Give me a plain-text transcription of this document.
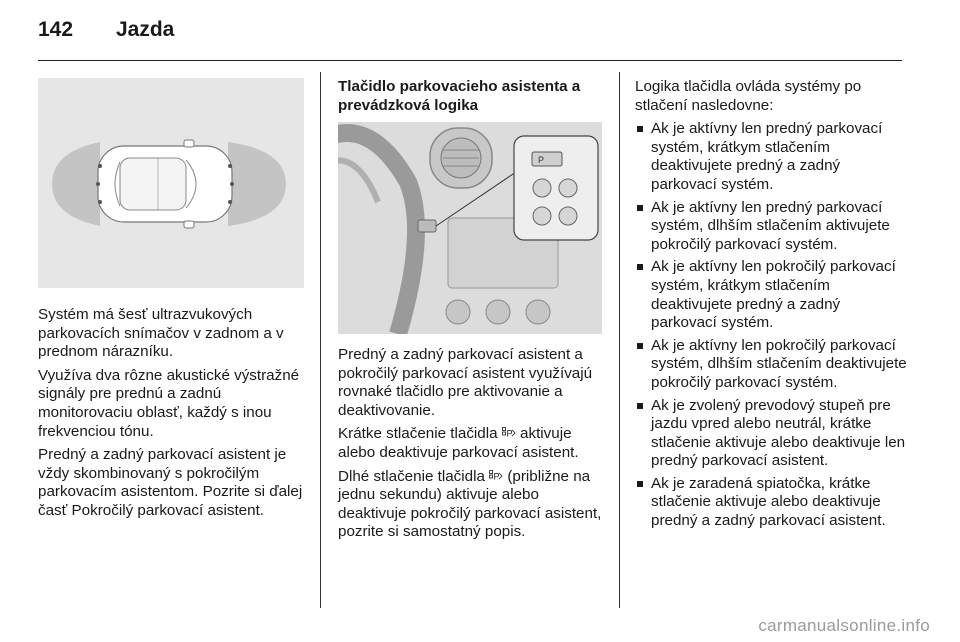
142	Jazda

Systém má šesť ultrazvukových parkovacích snímačov v zadnom a v prednom nárazníku.

Využíva dva rôzne akustické výstražné signály pre prednú a zadnú monitorovaciu oblasť, každý s inou frekvenciou tónu.

Predný a zadný parkovací asistent je vždy skombinovaný s pokročilým parkovacím asistentom. Pozrite si ďalej časť Pokročilý parkovací asistent.

Tlačidlo parkovacieho asistenta a prevádzková logika

Predný a zadný parkovací asistent a pokročilý parkovací asistent využívajú rovnaké tlačidlo pre aktivovanie a deaktivovanie.

Krátke stlačenie tlačidla P aktivuje alebo deaktivuje parkovací asistent.

Dlhé stlačenie tlačidla P (približne na jednu sekundu) aktivuje alebo deaktivuje pokročilý parkovací asistent, pozrite si samostatný popis.

P

Logika tlačidla ovláda systémy po stlačení nasledovne:

Ak je aktívny len predný parkovací systém, krátkym stlačením deaktivujete predný a zadný parkovací systém.
Ak je aktívny len predný parkovací systém, dlhším stlačením aktivujete pokročilý parkovací systém.
Ak je aktívny len pokročilý parkovací systém, krátkym stlačením deaktivujete predný a zadný parkovací systém.
Ak je aktívny len pokročilý parkovací systém, dlhším stlačením deaktivujete pokročilý parkovací systém.
Ak je zvolený prevodový stupeň pre jazdu vpred alebo neutrál, krátke stlačenie aktivuje alebo deaktivuje len predný parkovací asistent.
Ak je zaradená spiatočka, krátke stlačenie aktivuje alebo deaktivuje predný a zadný parkovací asistent.
carmanualsonline.info
